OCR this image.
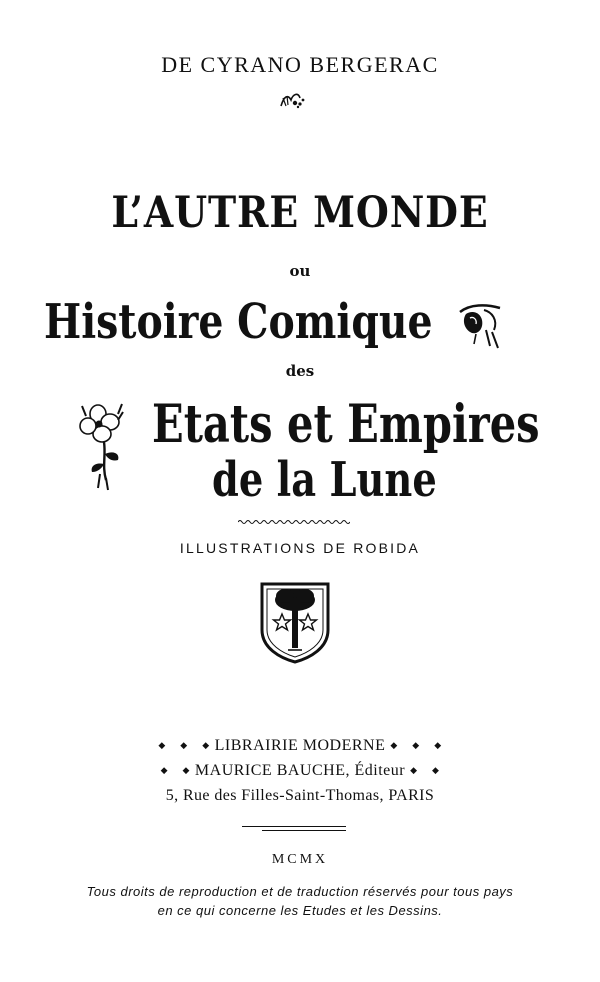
DE CYRANO BERGERAC
L’AUTRE MONDE
ou
Histoire Comique
des
Etats et Empires
de la Lune
ILLUSTRATIONS DE ROBIDA
◆ ◆ ◆ LIBRAIRIE MODERNE ◆ ◆ ◆
◆ ◆ MAURICE BAUCHE, Éditeur ◆ ◆
5, Rue des Filles-Saint-Thomas, PARIS
MCMX
Tous droits de reproduction et de traduction réservés pour tous pays
en ce qui concerne les Etudes et les Dessins.
